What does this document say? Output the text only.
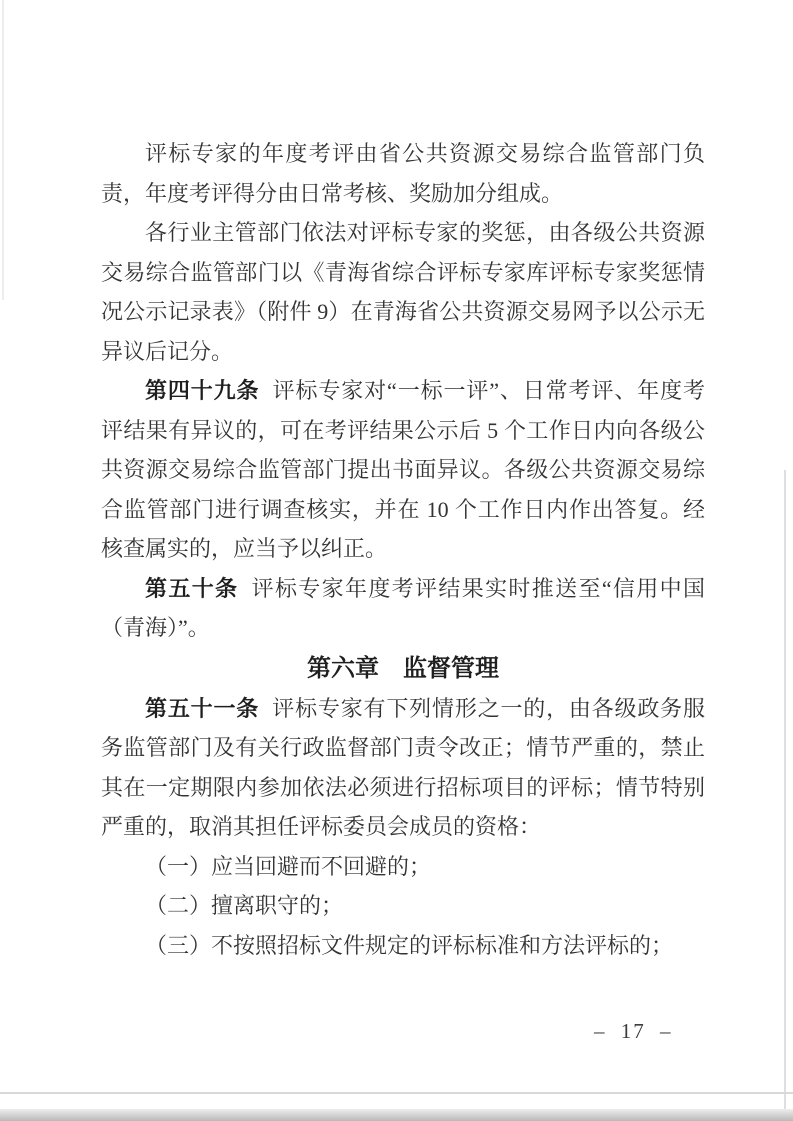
评标专家的年度考评由省公共资源交易综合监管部门负责，年度考评得分由日常考核、奖励加分组成。

各行业主管部门依法对评标专家的奖惩，由各级公共资源交易综合监管部门以《青海省综合评标专家库评标专家奖惩情况公示记录表》（附件 9）在青海省公共资源交易网予以公示无异议后记分。

第四十九条 评标专家对“一标一评”、日常考评、年度考评结果有异议的，可在考评结果公示后 5 个工作日内向各级公共资源交易综合监管部门提出书面异议。各级公共资源交易综合监管部门进行调查核实，并在 10 个工作日内作出答复。经核查属实的，应当予以纠正。

第五十条 评标专家年度考评结果实时推送至“信用中国（青海）”。

第六章　监督管理

第五十一条 评标专家有下列情形之一的，由各级政务服务监管部门及有关行政监督部门责令改正；情节严重的，禁止其在一定期限内参加依法必须进行招标项目的评标；情节特别严重的，取消其担任评标委员会成员的资格：

（一）应当回避而不回避的；

（二）擅离职守的；

（三）不按照招标文件规定的评标标准和方法评标的；

– 17 –
